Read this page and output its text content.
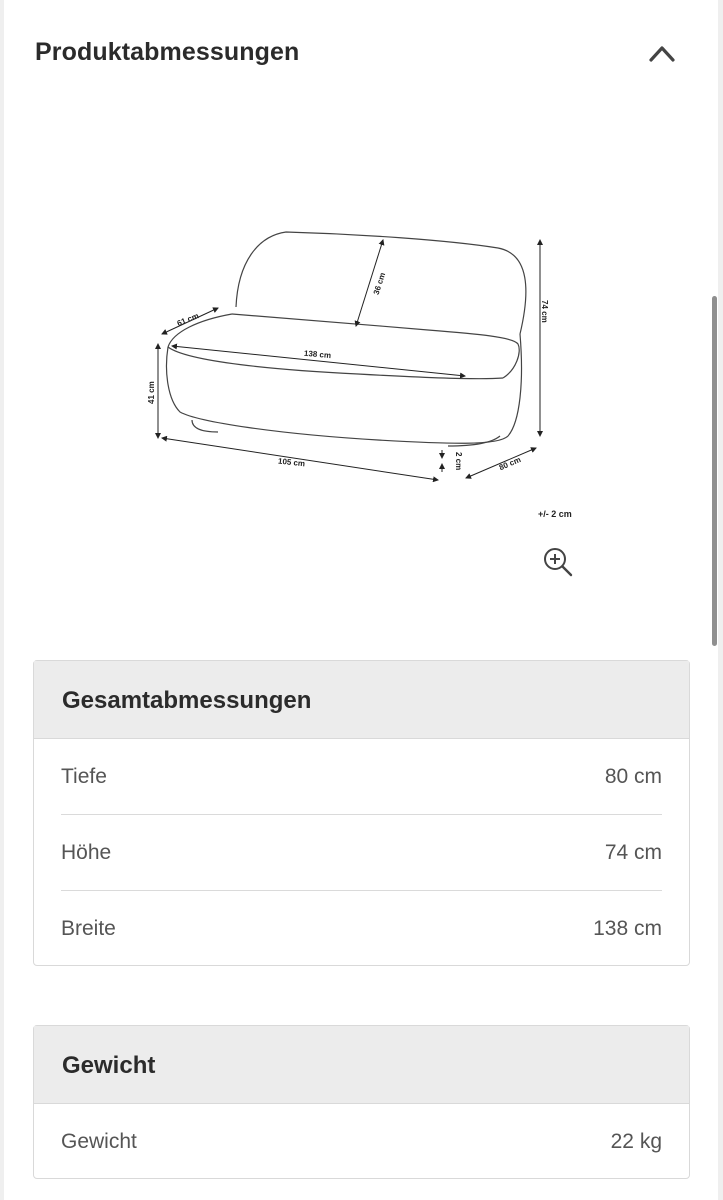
Produktabmessungen
36 cm
61 cm
138 cm
74 cm
41 cm
105 cm	80 cm
2 cm
+/- 2 cm
Gesamtabmessungen
Tiefe	80 cm
Höhe	74 cm
Breite	138 cm
Gewicht
Gewicht	22 kg
